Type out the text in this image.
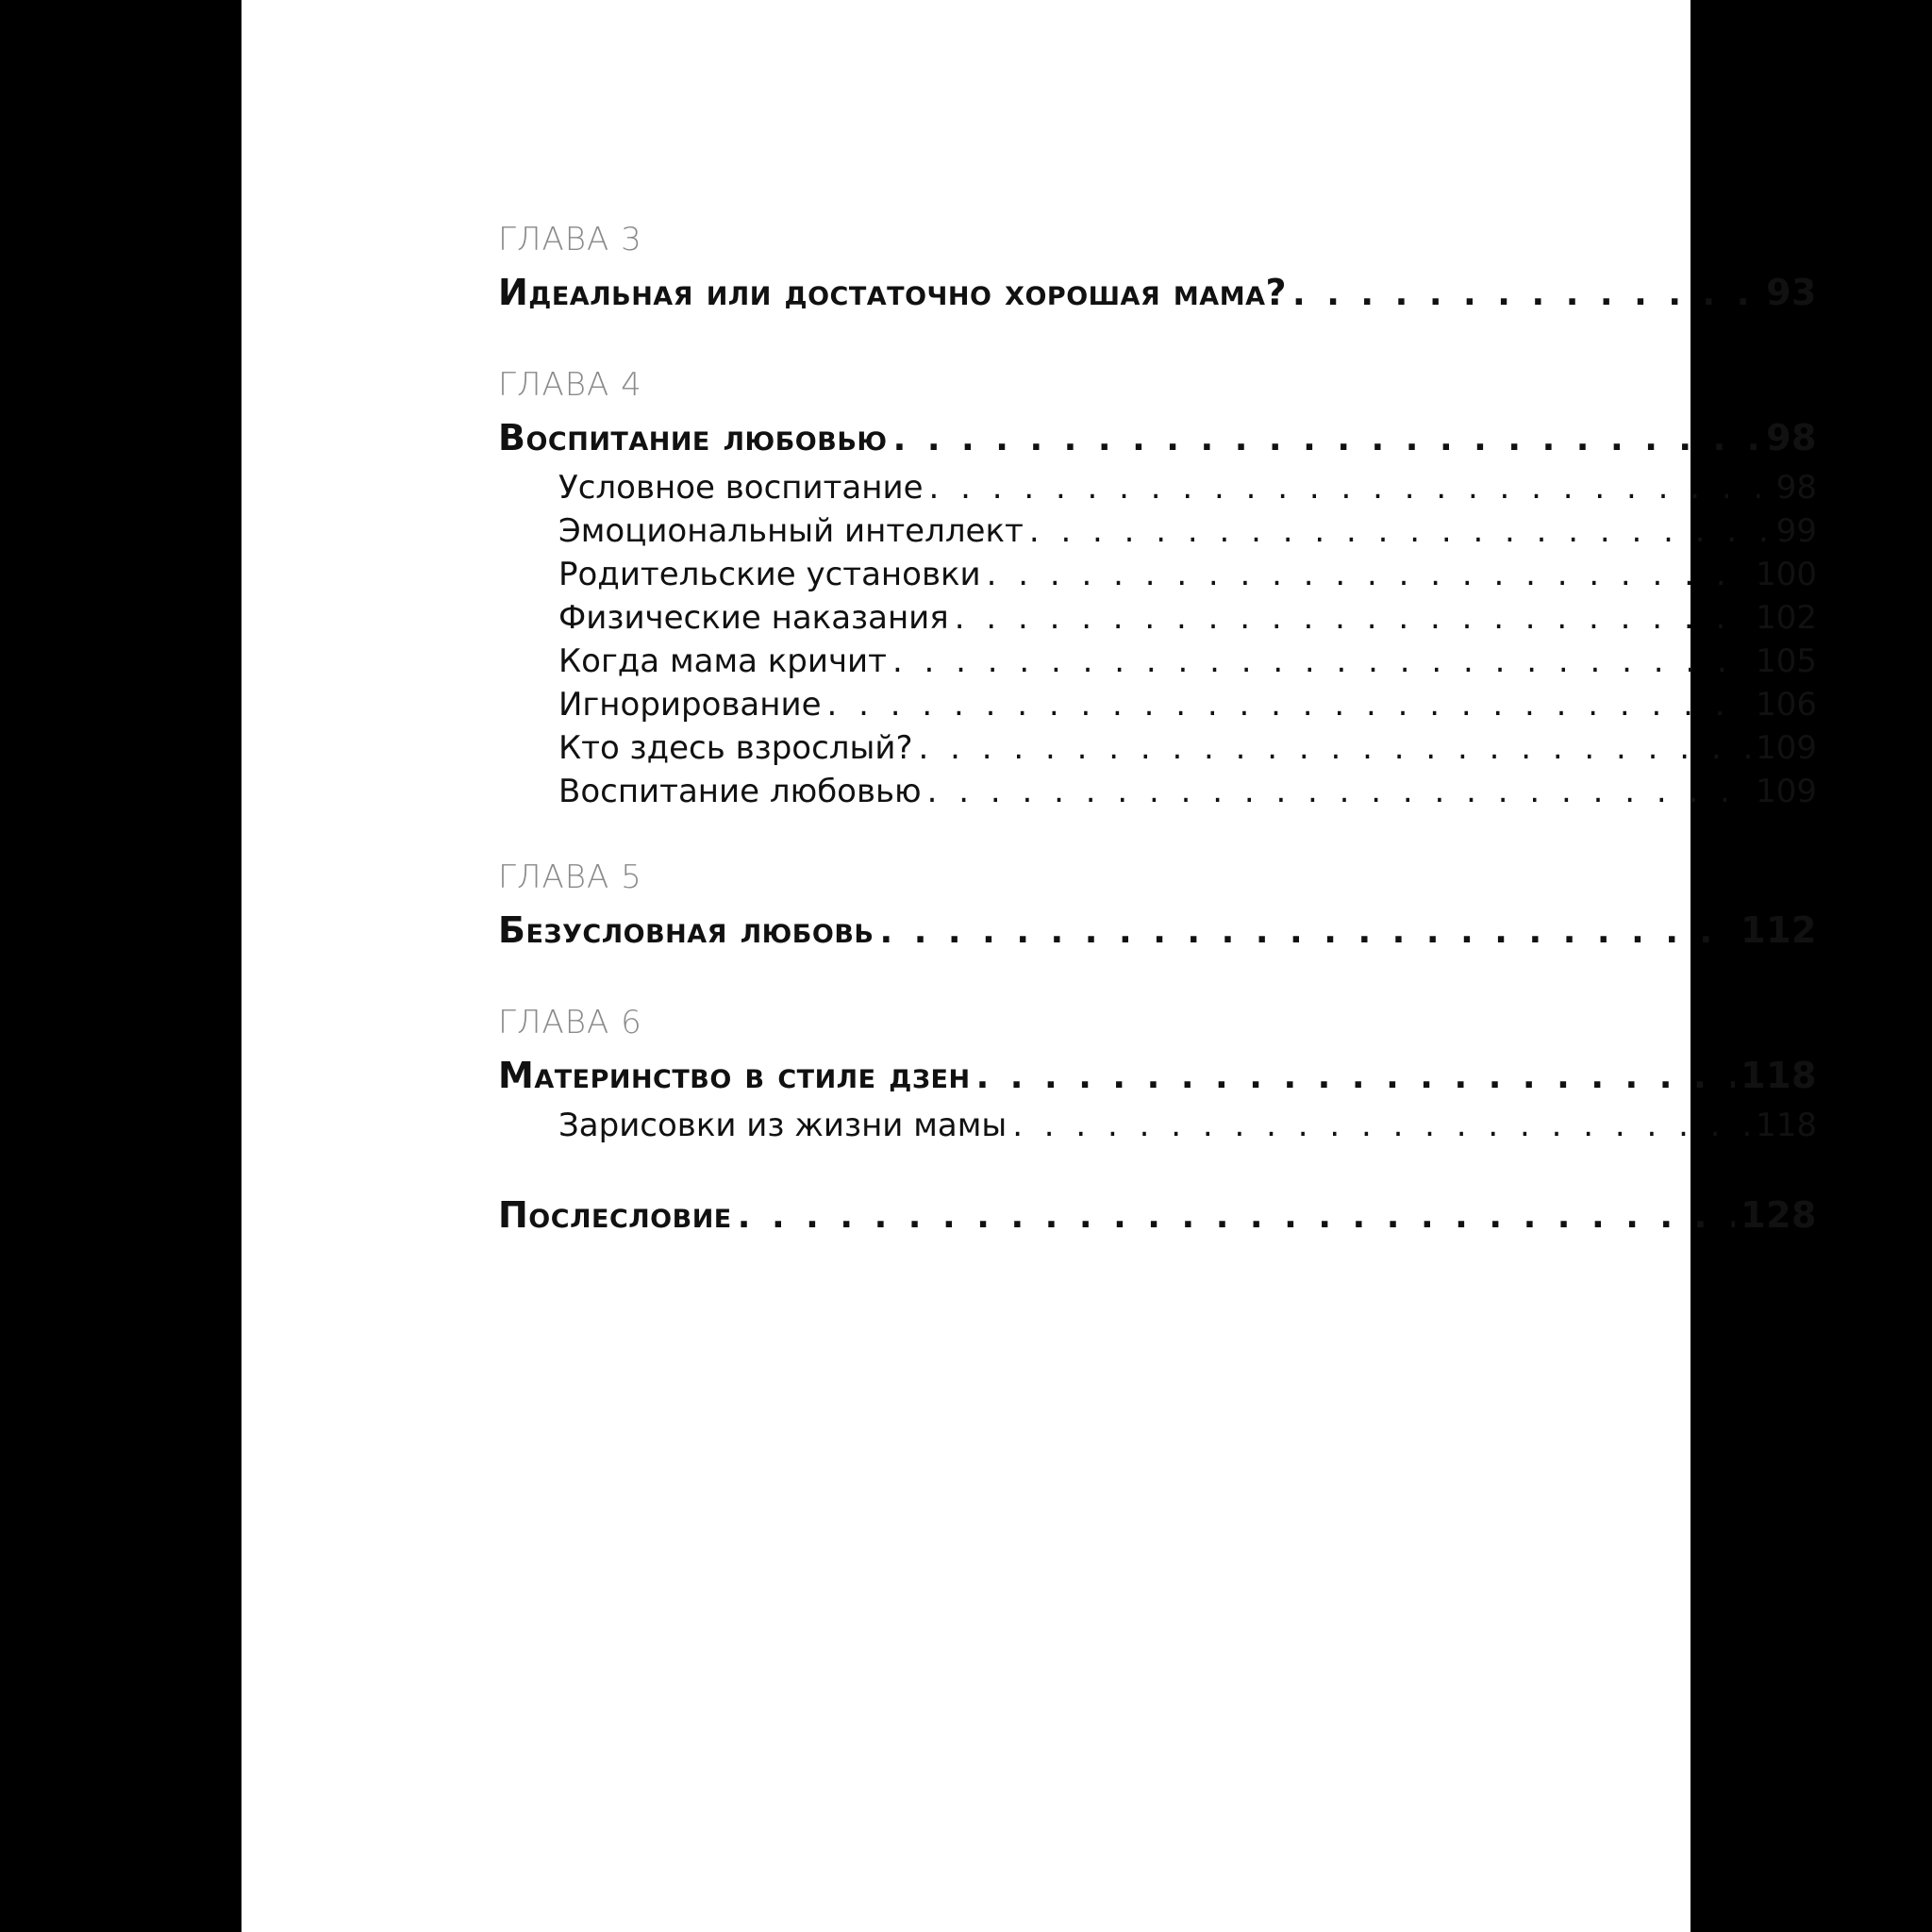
ГЛАВА 3
Идеальная или достаточно хорошая мама? . . .	93
ГЛАВА 4
Воспитание любовью . . .	98
Условное воспитание . . .	98
Эмоциональный интеллект . . .	99
Родительские установки . . .	100
Физические наказания . . .	102
Когда мама кричит . . .	105
Игнорирование . . .	106
Кто здесь взрослый? . . .	109
Воспитание любовью . . .	109
ГЛАВА 5
Безусловная любовь . . .	112
ГЛАВА 6
Материнство в стиле дзен . . .	118
Зарисовки из жизни мамы . . .	118
Послесловие . . .	128
